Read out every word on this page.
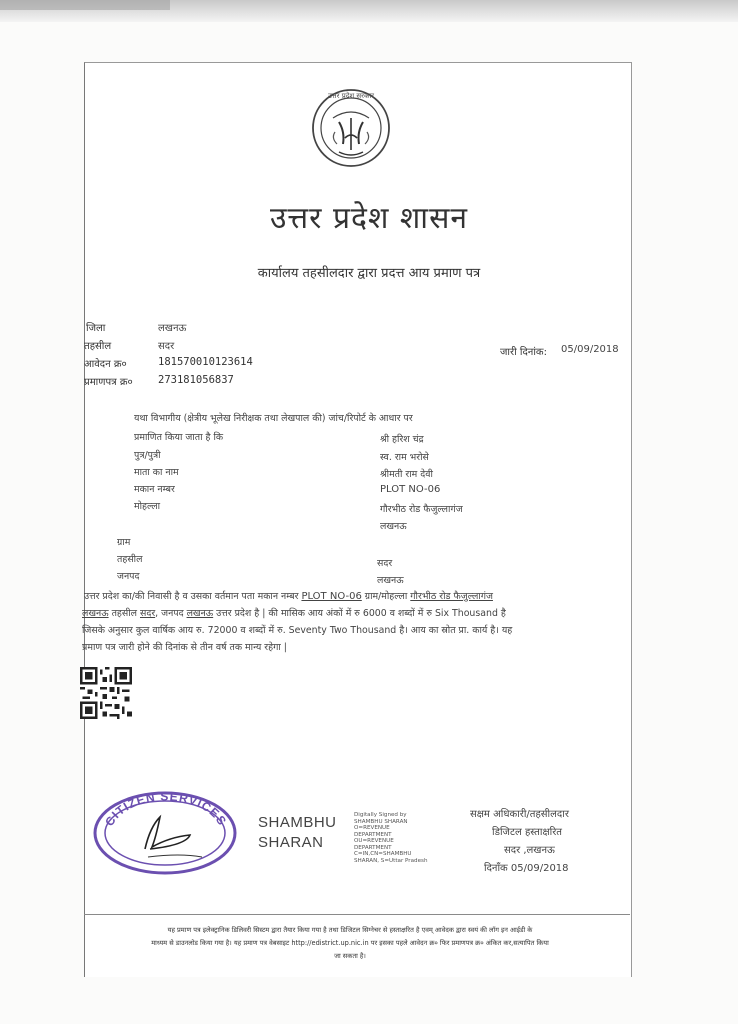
उत्तर प्रदेश सरकार
उत्तर प्रदेश शासन
कार्यालय तहसीलदार द्वारा प्रदत्त आय प्रमाण पत्र
जिला	लखनऊ
तहसील	सदर
आवेदन क्र०	181570010123614
प्रमाणपत्र क्र० 273181056837
जारी दिनांक: 05/09/2018
यथा विभागीय (क्षेत्रीय भूलेख निरीक्षक तथा लेखपाल की) जांच/रिपोर्ट के आधार पर
प्रमाणित किया जाता है कि	श्री हरिश चंद्र
पुत्र/पुत्री	स्व. राम भरोसे
माता का नाम	श्रीमती राम देवी
मकान नम्बर	PLOT NO-06
मोहल्ला	गौरभीठ रोड फैजुल्लागंज
लखनऊ
ग्राम
तहसील	सदर
जनपद	लखनऊ
उत्तर प्रदेश का/की निवासी है व उसका वर्तमान पता मकान नम्बर PLOT NO-06 ग्राम/मोहल्ला गौरभीठ रोड फैजुल्लागंज
लखनऊ तहसील सदर, जनपद लखनऊ उत्तर प्रदेश है | की मासिक आय अंकों में रु 6000 व शब्दों में रु Six Thousand है
जिसके अनुसार कुल वार्षिक आय रु. 72000 व शब्दों में रु. Seventy Two Thousand है। आय का स्रोत प्रा. कार्य है। यह
प्रमाण पत्र जारी होने की दिनांक से तीन वर्ष तक मान्य रहेगा |
CITIZEN SERVICES SHAMBHU
SHARAN
Digitally Signed by
SHAMBHU SHARAN
O=REVENUE
DEPARTMENT
OU=REVENUE
DEPARTMENT
C=IN,CN=SHAMBHU
SHARAN, S=Uttar Pradesh
सक्षम अधिकारी/तहसीलदार
डिजिटल हस्ताक्षरित
सदर ,लखनऊ
दिनाँक 05/09/2018
यह प्रमाण पत्र इलेक्ट्रानिक डिलिवरी सिस्टम द्वारा तैयार किया गया है तथा डिजिटल सिग्नेचर से हस्ताक्षरित है एवम् आवेदक द्वारा स्वयं की लॉग इन आईडी के
माध्यम से डाउनलोड किया गया है। यह प्रमाण पत्र वेबसाइट http://edistrict.up.nic.in पर इसका पहले आवेदन क्र० फिर प्रमाणपत्र क्र० अंकित कर,सत्यापित किया
जा सकता है।
